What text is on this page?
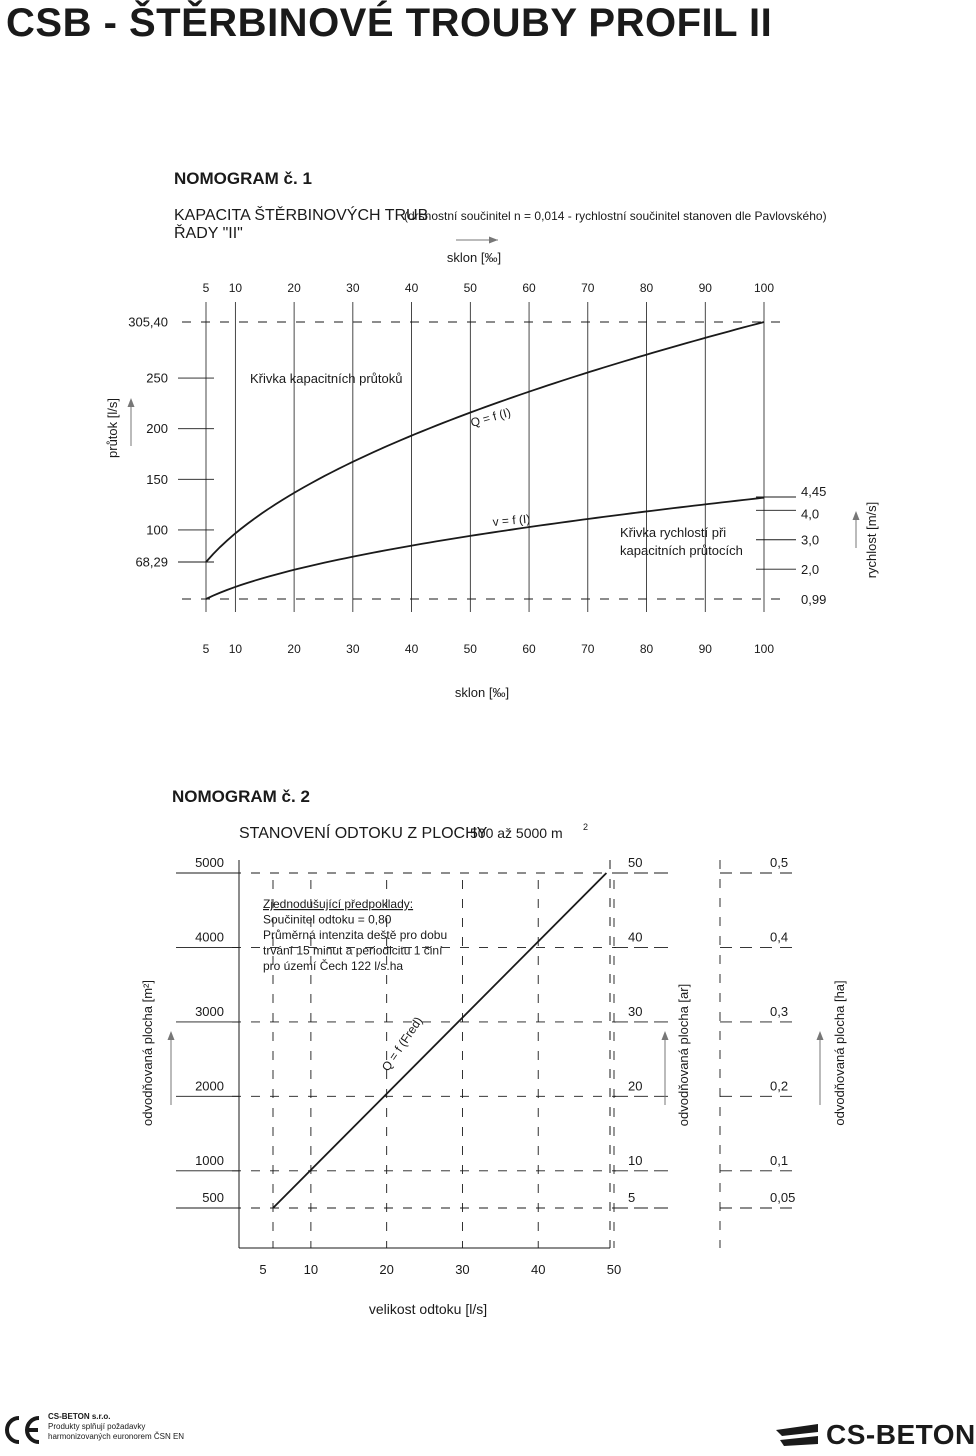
CSB - ŠTĚRBINOVÉ TROUBY PROFIL II
NOMOGRAM č. 1
KAPACITA ŠTĚRBINOVÝCH TRUB
(drsnostní součinitel n = 0,014 - rychlostní součinitel stanoven dle Pavlovského)
ŘADY "II"
sklon [‰]
5
5
10
10
20
20
30
30
40
40
50
50
60
60
70
70
80
80
90
90
100
100
305,40
250
200
150
100
68,29
4,45
4,0
3,0
2,0
0,99
průtok [l/s]
rychlost [m/s]
Křivka kapacitních průtoků
Q = f (I)
v = f (I)
Křivka rychlostí při
kapacitních průtocích
sklon [‰]
NOMOGRAM č. 2
STANOVENÍ ODTOKU Z PLOCHY
500 až 5000 m 2
5	10	20	30	40	50
5000
4000
3000
2000
1000
500
50
40
30
20
10
5
0,5
0,4
0,3
0,2
0,1
0,05
odvodňovaná plocha [m²]	odvodňovaná plocha [ar]	odvodňovaná plocha [ha]
Zjednodušující předpoklady:
Součinitel odtoku = 0,80
Průměrná intenzita deště pro dobu
trvání 15 minut a periodicitu 1 činí
pro území Čech 122 l/s.ha
Q = f (Fred)
velikost odtoku [l/s]
CS-BETON s.r.o.
Produkty splňují požadavky
harmonizovaných euronorem ČSN EN	CS-BETON
